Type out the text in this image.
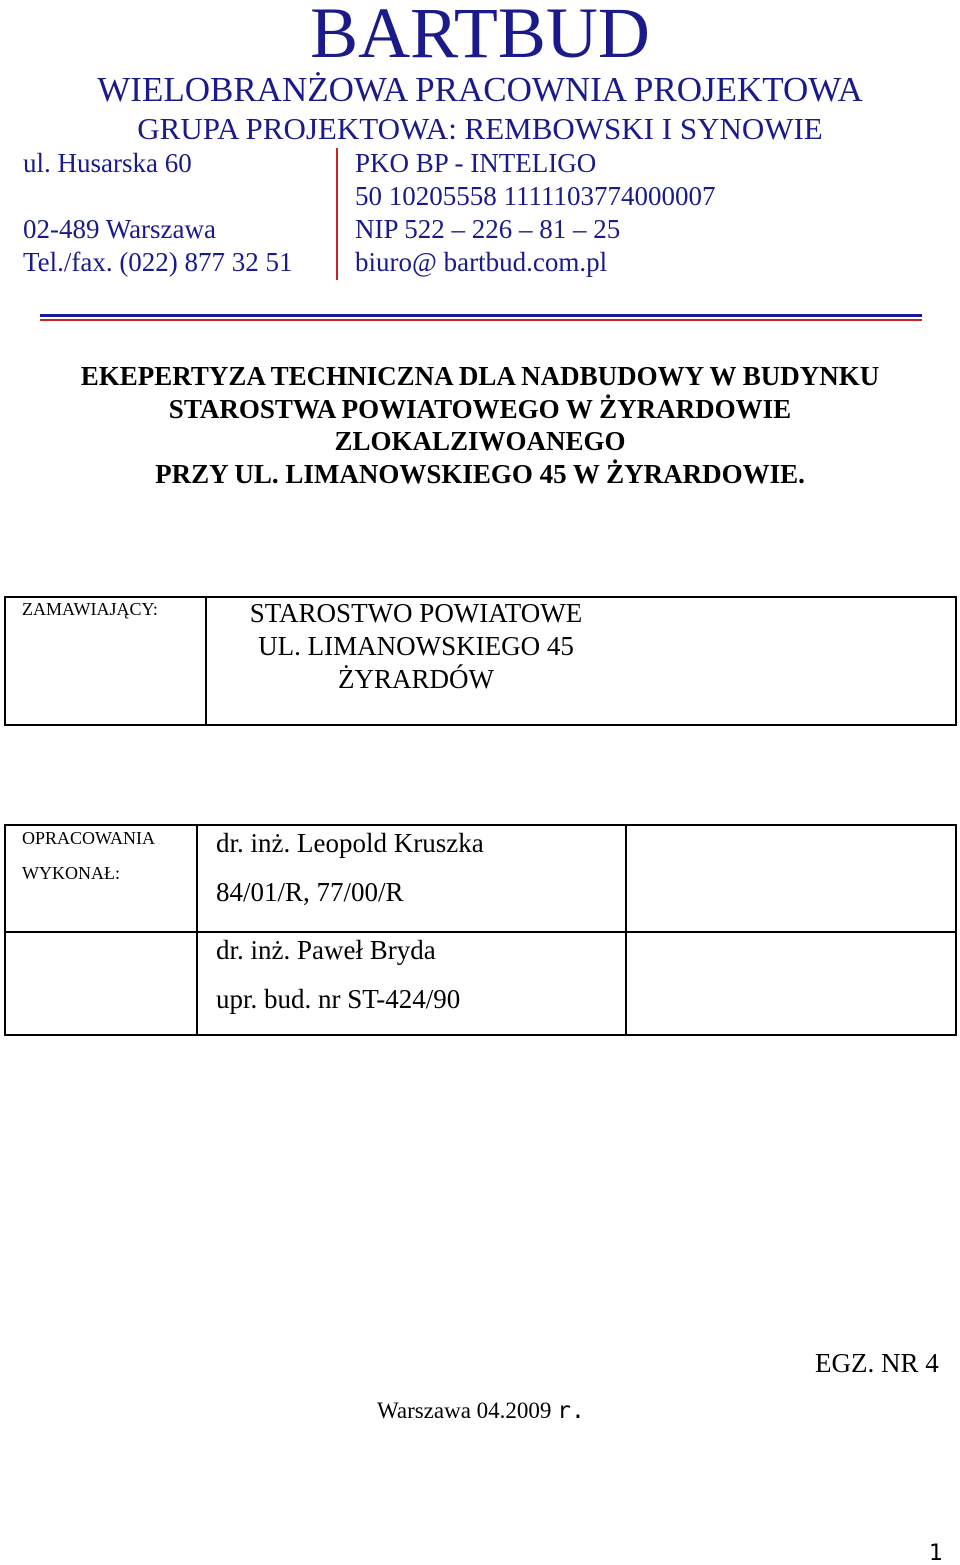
BARTBUD
WIELOBRANŻOWA PRACOWNIA PROJEKTOWA
GRUPA PROJEKTOWA: REMBOWSKI I SYNOWIE
ul. Husarska 60
02-489 Warszawa
Tel./fax. (022) 877 32 51
PKO BP - INTELIGO
50 10205558 1111103774000007
NIP 522 – 226 – 81 – 25
biuro@ bartbud.com.pl
EKEPERTYZA TECHNICZNA DLA NADBUDOWY W BUDYNKU
STAROSTWA POWIATOWEGO W ŻYRARDOWIE
ZLOKALZIWOANEGO
PRZY UL. LIMANOWSKIEGO 45 W ŻYRARDOWIE.
ZAMAWIAJĄCY:	STAROSTWO POWIATOWE
UL. LIMANOWSKIEGO 45
ŻYRARDÓW
OPRACOWANIA
WYKONAŁ:
dr. inż. Leopold Kruszka
84/01/R, 77/00/R
dr. inż. Paweł Bryda
upr. bud. nr ST-424/90
EGZ. NR 4
Warszawa 04.2009 r.
1
